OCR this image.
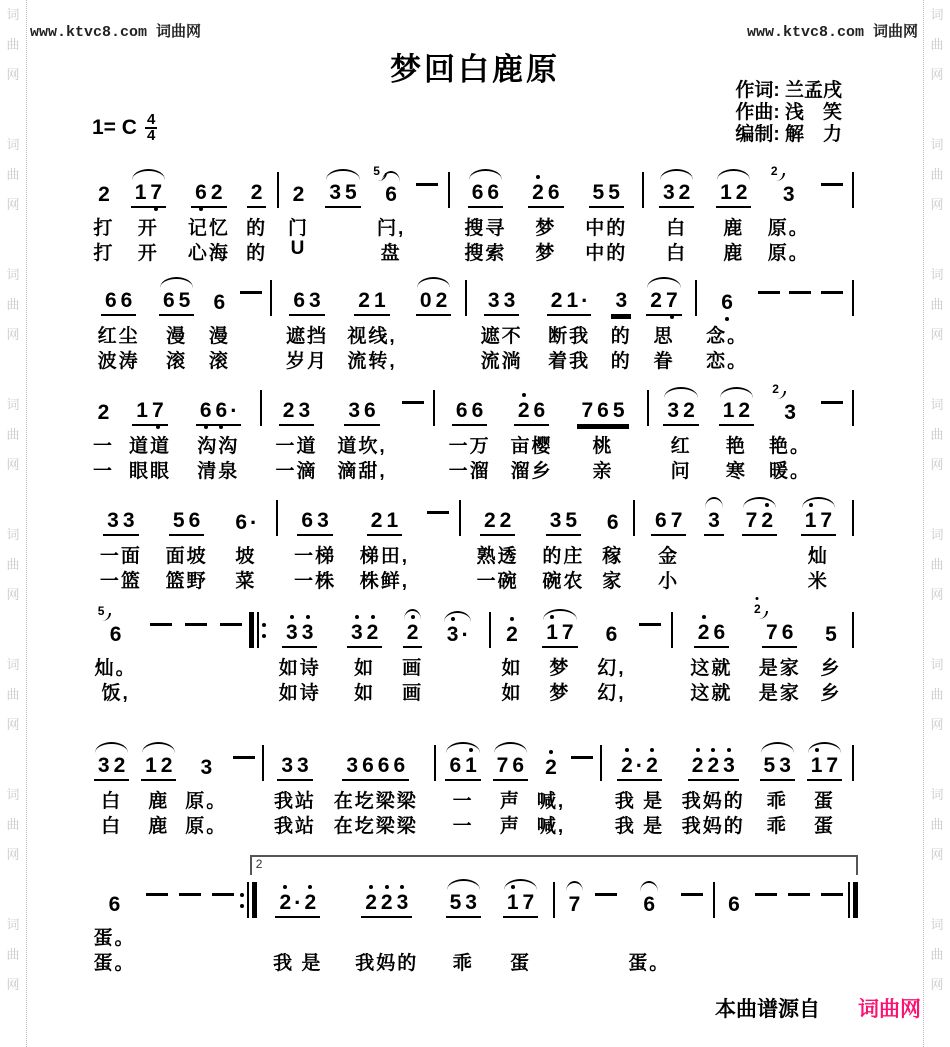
词
曲
网
词
曲
网
词
曲
网
词
曲
网
词
曲
网
词
曲
网
词
曲
网
词
曲
网
词
曲
网
词
曲
网
词
曲
网
词
曲
网
词
曲
网
词
曲
网
词
曲
网
词
曲
网
www.ktvc8.com 词曲网	www.ktvc8.com 词曲网
梦回白鹿原
作词: 兰孟戌
作曲: 浅　笑
编制: 解　力
1= C $\frac{4}{4}$
2
打
打
1 7
开
开
6 2
记忆
心海
2
的
的
2
门
U
3 5
5
6
闩,
盘
6 6
搜寻
搜索
2 6
梦
梦
5 5
中的
中的
3 2
白
白
1 2
鹿
鹿
2
3
原。
原。
6 6
红尘
波涛
6 5
漫
滚
6
漫
滚
6 3
遮挡
岁月
2 1
视线,
流转,
0 2 3 3
遮不
流淌
2 1 ·
断我
着我
3
的
的
2 7
思
眷
6
念。
恋。
2
一
一
1 7
道道
眼眼
6 6 ·
沟沟
清泉
2 3
一道
一滴
3 6
道坎,
滴甜,
6 6
一万
一溜
2 6
亩樱
溜乡
7 6 5
桃
亲
3 2
红
问
1 2
艳
寒
2
3
艳。
暖。
3 3
一面
一篮
5 6
面坡
篮野
6 ·
坡
菜
6 3
一梯
一株
2 1
梯田,
株鲜,
2 2
熟透
一碗
3 5
的庄
碗农
6
稼
家
6 7
金
小
3 7 2 1 7
灿
米
5
6
灿。
饭,
3 3
如诗
如诗
3 2
如
如
2
画
画
3 · 2
如
如
1 7
梦
梦
6
幻,
幻,
2 6
这就
这就
2
7 6
是家
是家
5
乡
乡
3 2
白
白
1 2
鹿
鹿
3
原。
原。
3 3
我站
我站
3 6 6 6
在圪梁梁
在圪梁梁
6 1
一
一
7 6
声
声
2
喊,
喊,
2 · 2
我 是
我 是
2 2 3
我妈的
我妈的
5 3
乖
乖
1 7
蛋
蛋
2
6
蛋。
蛋。
2 · 2
我 是
2 2 3
我妈的
5 3
乖
1 7
蛋
7	6
蛋。
6
本曲谱源自 词曲网
